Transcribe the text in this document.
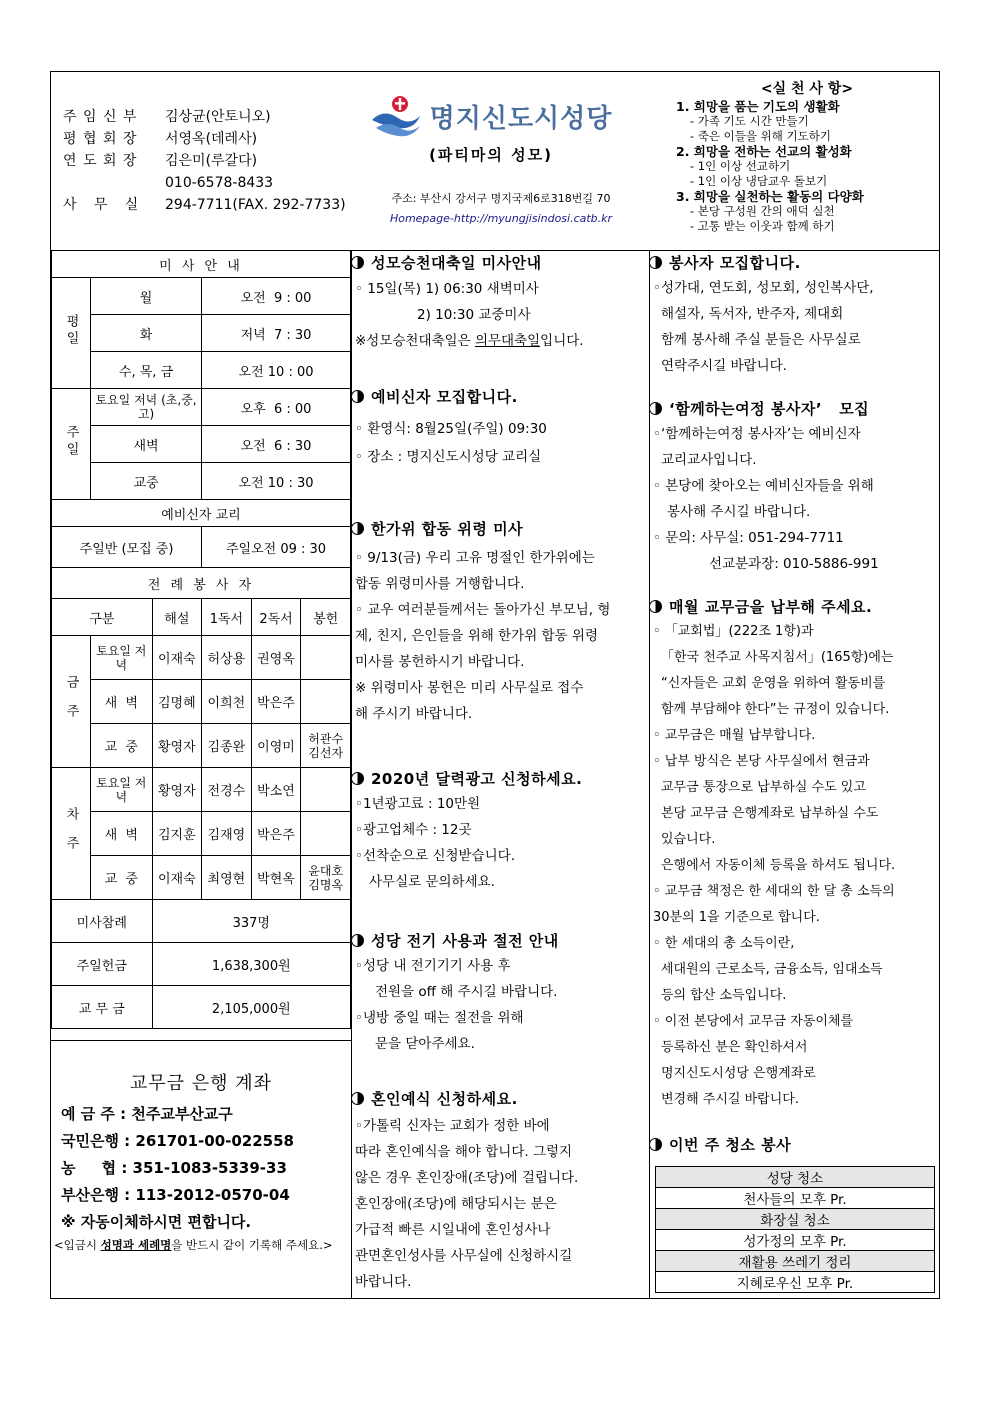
주 임 신 부	김상균(안토니오)
평 협 회 장	서영옥(데레사)
연 도 회 장	김은미(루갈다)
010-6578-8433
사   무   실	294-7711(FAX. 292-7733)
명지신도시성당
(파티마의 성모)
주소: 부산시 강서구 명지국제6로318번길 70
Homepage-http://myungjisindosi.catb.kr
<실 천 사 항>
1. 희망을 품는 기도의 생활화
- 가족 기도 시간 만들기
- 죽은 이들을 위해 기도하기
2. 희망을 전하는 선교의 활성화
- 1인 이상 선교하기
- 1인 이상 냉담교우 돌보기
3. 희망을 실천하는 활동의 다양화
- 본당 구성원 간의 애덕 실천
- 고통 받는 이웃과 함께 하기
미 사 안 내					
평일	월		오전  9 : 00		
	화		저녁  7 : 30		
	수, 목, 금		오전 10 : 00		
주일	토요일 저녁 (초,중,고)		오후  6 : 00		
	새벽		오전  6 : 30		
	교중		오전 10 : 30		
예비신자 교리					
주일반 (모집 중)			주일오전 09 : 30		
전 례 봉 사 자					
구분		해설	1독서	2독서	봉헌
금 주	토요일 저 녁	이재숙	허상용	권영옥	
	새  벽	김명혜	이희천	박은주	
	교  중	황영자	김종완	이영미	허관수 김선자
차 주	토요일 저 녁	황영자	전경수	박소연	
	새  벽	김지훈	김재영	박은주	
	교  중	이재숙	최영현	박현옥	윤대호 김명옥
미사참례		337명			
주일헌금		1,638,300원			
교 무 금		2,105,000원			
교무금 은행 계좌
예 금 주 : 천주교부산교구
국민은행 : 261701-00-022558
농     협 : 351-1083-5339-33
부산은행 : 113-2012-0570-04
※ 자동이체하시면 편합니다.
<입금시 성명과 세례명을 반드시 같이 기록해 주세요.>
성모승천대축일 미사안내
◦ 15일(목) 1) 06:30 새벽미사
2) 10:30 교중미사
※성모승천대축일은 의무대축일입니다.
예비신자 모집합니다.
◦ 환영식: 8월25일(주일) 09:30
◦ 장소 : 명지신도시성당 교리실
한가위 합동 위령 미사
◦ 9/13(금) 우리 고유 명절인 한가위에는
합동 위령미사를 거행합니다.
◦ 교우 여러분들께서는 돌아가신 부모님, 형
제, 친지, 은인들을 위해 한가위 합동 위령
미사를 봉헌하시기 바랍니다.
※ 위령미사 봉헌은 미리 사무실로 접수
해 주시기 바랍니다.
2020년 달력광고 신청하세요.
◦1년광고료 : 10만원
◦광고업체수 : 12곳
◦선착순으로 신청받습니다.
사무실로 문의하세요.
성당 전기 사용과 절전 안내
◦성당 내 전기기기 사용 후
전원을 off 해 주시길 바랍니다.
◦냉방 중일 때는 절전을 위해
문을 닫아주세요.
혼인예식 신청하세요.
◦가톨릭 신자는 교회가 정한 바에
따라 혼인예식을 해야 합니다. 그렇지
않은 경우 혼인장애(조당)에 걸립니다.
혼인장애(조당)에 해당되시는 분은
가급적 빠른 시일내에 혼인성사나
관면혼인성사를 사무실에 신청하시길
바랍니다.
봉사자 모집합니다.
◦성가대, 연도회, 성모회, 성인복사단,
해설자, 독서자, 반주자, 제대회
함께 봉사해 주실 분들은 사무실로
연락주시길 바랍니다.
‘함께하는여정 봉사자’   모집
◦‘함께하는여정 봉사자’는 예비신자
교리교사입니다.
◦ 본당에 찾아오는 예비신자들을 위해
봉사해 주시길 바랍니다.
◦ 문의: 사무실: 051-294-7711
선교분과장: 010-5886-991
매월 교무금을 납부해 주세요.
◦ 「교회법」(222조 1항)과
「한국 천주교 사목지침서」(165항)에는
“신자들은 교회 운영을 위하여 활동비를
함께 부담해야 한다”는 규정이 있습니다.
◦ 교무금은 매월 납부합니다.
◦ 납부 방식은 본당 사무실에서 현금과
교무금 통장으로 납부하실 수도 있고
본당 교무금 은행계좌로 납부하실 수도
있습니다.
은행에서 자동이체 등록을 하셔도 됩니다.
◦ 교무금 책정은 한 세대의 한 달 총 소득의
30분의 1을 기준으로 합니다.
◦ 한 세대의 총 소득이란,
세대원의 근로소득, 금융소득, 임대소득
등의 합산 소득입니다.
◦ 이전 본당에서 교무금 자동이체를
등록하신 분은 확인하셔서
명지신도시성당 은행계좌로
변경해 주시길 바랍니다.
이번 주 청소 봉사
성당 청소
천사들의 모후 Pr.
화장실 청소
성가정의 모후 Pr.
재활용 쓰레기 정리
지혜로우신 모후 Pr.
